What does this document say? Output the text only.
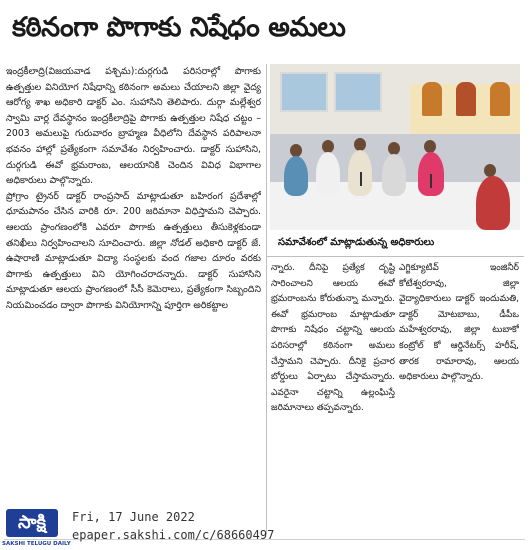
కఠినంగా పొగాకు నిషేధం అమలు

ఇంద్రకీలాద్రి(విజయవాడ పశ్చిమ):దుర్గగుడి పరిసరాల్లో పొగాకు ఉత్పత్తుల వినియోగ నిషేధాన్ని కఠినంగా అమలు చేయాలని జిల్లా వైద్య ఆరోగ్య శాఖ అధికారి డాక్టర్ ఎం. సుహాసిని తెలిపారు. దుర్గా మల్లేశ్వర స్వామి వార్ల దేవస్థానం ఇంద్రకీలాద్రిపై పొగాకు ఉత్పత్తుల నిషేధ చట్టం –2003 అమలుపై గురువారం బ్రాహ్మణ వీధిలోని దేవస్థాన పరిపాలనా భవనం హాల్లో ప్రత్యేకంగా సమావేశం నిర్వహించారు. డాక్టర్ సుహాసిని, దుర్గగుడి ఈవో భ్రమరాంబ, ఆలయానికి చెందిన వివిధ విభాగాల అధికారులు పాల్గొన్నారు.

ప్రోగ్రాం ట్రైనర్ డాక్టర్ రాంప్రసాద్ మాట్లాడుతూ బహిరంగ ప్రదేశాల్లో ధూమపానం చేసిన వారికి రూ. 200 జరిమానా విధిస్తామని చెప్పారు. ఆలయ ప్రాంగణంలోకి ఎవరూ పొగాకు ఉత్పత్తులు తీసుకెళ్లకుండా తనిఖీలు నిర్వహించాలని సూచించారు. జిల్లా నోడల్ అధికారి డాక్టర్ జే. ఉషారాణి మాట్లాడుతూ విద్యా సంస్థలకు వంద గజాల దూరం వరకు పొగాకు ఉత్పత్తులు విని యోగించరాదన్నారు. డాక్టర్ సుహాసిని మాట్లాడుతూ ఆలయ ప్రాంగణంలో సీసీ కెమెరాలు, ప్రత్యేకంగా సిబ్బందిని నియమించడం ద్వారా పొగాకు వినియోగాన్ని పూర్తిగా అరికట్టాల

సమావేశంలో మాట్లాడుతున్న అధికారులు

న్నారు. దీనిపై ప్రత్యేక దృష్టి సారించాలని ఆలయ ఈవో భ్రమరాంబను కోరుతున్నా మన్నారు. ఈవో భ్రమరాంబ మాట్లాడుతూ పొగాకు నిషేధం చట్టాన్ని ఆలయ పరిసరాల్లో కఠినంగా అమలు చేస్తామని చెప్పారు. దీనికై ప్రచార బోర్డులు ఏర్పాటు చేస్తామన్నారు. ఎవరైనా చట్టాన్ని ఉల్లంఘిస్తే జరిమానాలు తప్పవన్నారు.

ఎగ్జిక్యూటివ్ ఇంజినీర్ కోటేశ్వరరావు, జిల్లా వైద్యాధికారులు డాక్టర్ ఇందుమతి, డాక్టర్ మోటబాబు, డీపీఒ మహేశ్వరరావు, జిల్లా టుబాకో కంట్రోల్ కో ఆర్డినేటర్స్ హరీష్, తారక రామారావు, ఆలయ అధికారులు పాల్గొన్నారు.

సాక్షి
SAKSHI TELUGU DAILY
Fri, 17 June 2022
epaper.sakshi.com/c/68660497
